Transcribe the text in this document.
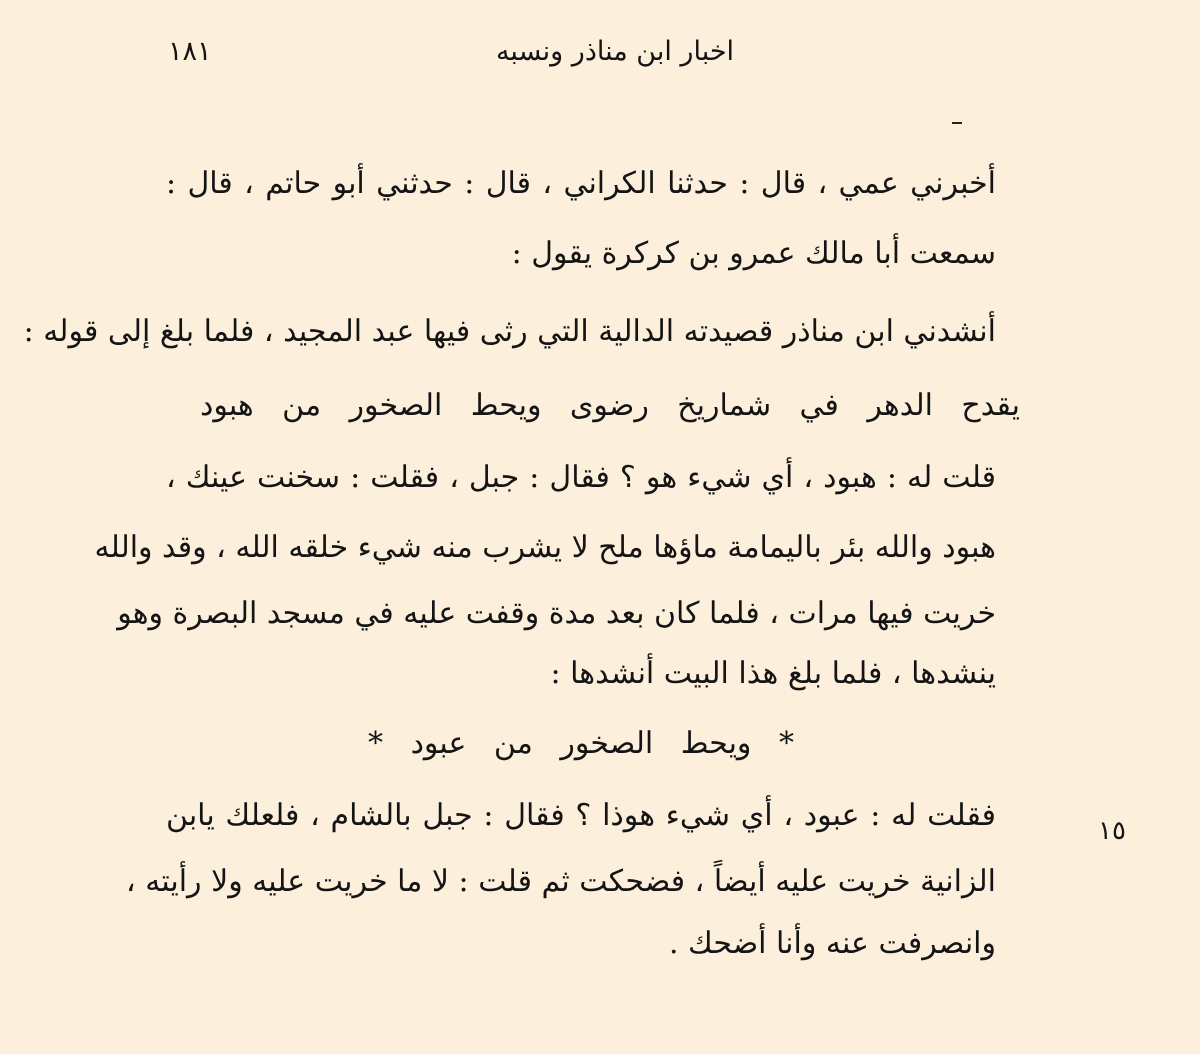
اخبار ابن مناذر ونسبه
١٨١
أخبرني عمي ، قال : حدثنا الكراني ، قال : حدثني أبو حاتم ، قال :
سمعت أبا مالك عمرو بن كركرة يقول :
أنشدني ابن مناذر قصيدته الدالية التي رثى فيها عبد المجيد ، فلما بلغ إلى قوله :
يقدح الدهر في شماريخ رضوى ويحط الصخور من هبود
قلت له : هبود ، أي شيء هو ؟ فقال : جبل ، فقلت : سخنت عينك ،
هبود والله بئر باليمامة ماؤها ملح لا يشرب منه شيء خلقه الله ، وقد والله
خريت فيها مرات ، فلما كان بعد مدة وقفت عليه في مسجد البصرة وهو
ينشدها ، فلما بلغ هذا البيت أنشدها :
* ويحط الصخور من عبود *
فقلت له : عبود ، أي شيء هوذا ؟ فقال : جبل بالشام ، فلعلك يابن
الزانية خريت عليه أيضاً ، فضحكت ثم قلت : لا ما خريت عليه ولا رأيته ،
وانصرفت عنه وأنا أضحك .
١٥
